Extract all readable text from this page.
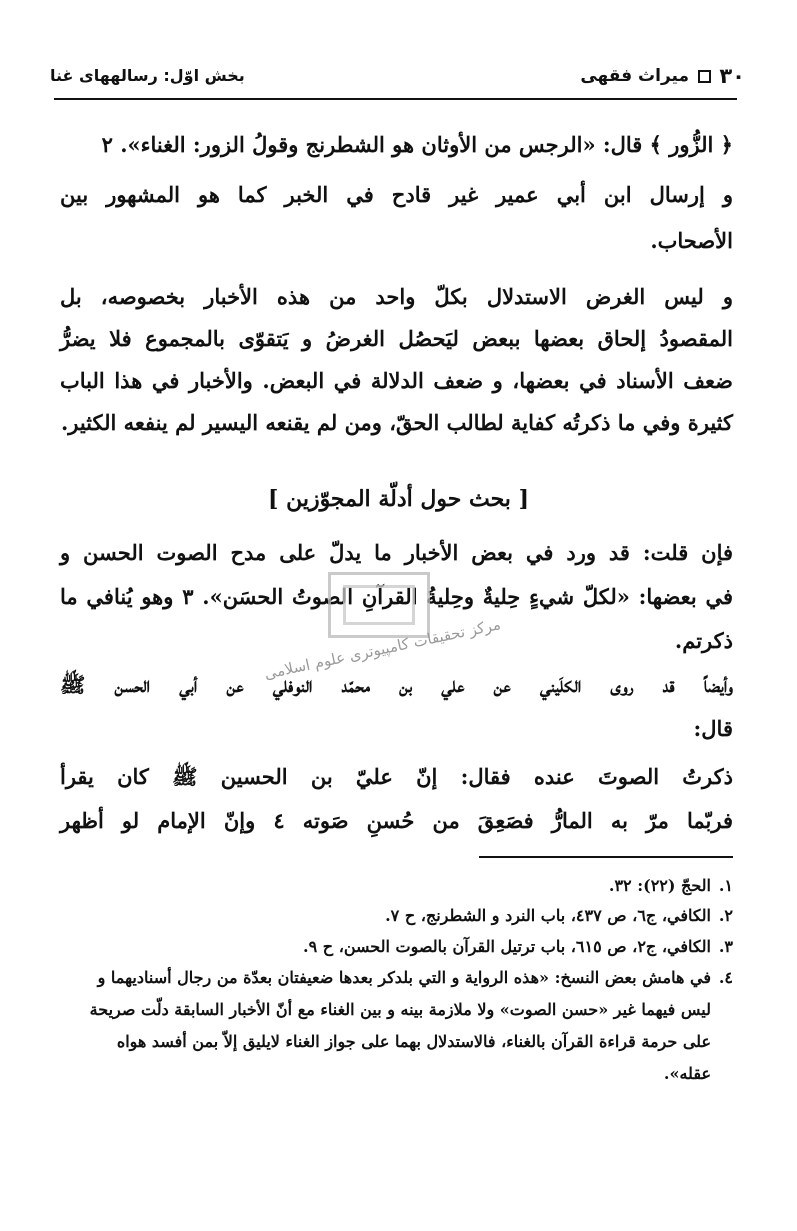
٣٠
میراث فقهی
بخش اوّل: رسالههای غنا
﴿ الزُّور ﴾ قال: «الرجس من الأوثان هو الشطرنج وقولُ الزور: الغناء». ٢
و إرسال ابن أبي عمير غير قادح في الخبر كما هو المشهور بين
الأصحاب.
و ليس الغرض الاستدلال بكلّ واحد من هذه الأخبار بخصوصه، بل
المقصودُ إلحاق بعضها ببعض ليَحصُل الغرضُ و يَتقوّى بالمجموع فلا يضرُّ
ضعف الأسناد في بعضها، و ضعف الدلالة في البعض. والأخبار في هذا الباب
كثيرة وفي ما ذكرتُه كفاية لطالب الحقّ، ومن لم يقنعه اليسير لم ينفعه الكثير.
[ بحث حول أدلّة المجوّزين ]
فإن قلت: قد ورد في بعض الأخبار ما يدلّ على مدح الصوت الحسن و
في بعضها: «لكلّ شيءٍ حِليةٌ وحِليةُ القرآنِ الصوتُ الحسَن». ٣ وهو يُنافي ما
ذكرتم.
وأيضاً قد روى الكلَيني عن علي بن محمّد النوفلي عن أبي الحسن ﷺ
قال:
ذكرتُ الصوتَ عنده فقال: إنّ عليّ بن الحسين ﷺ كان يقرأ
فربّما مرّ به المارُّ فصَعِقَ من حُسنِ صَوته ٤ وإنّ الإمام لو أظهر
مركز تحقيقات كامپيوتری علوم اسلامی
١.الحجّ (٢٢): ٣٢.
٢.الكافي، ج٦، ص ٤٣٧، باب النرد و الشطرنج، ح ٧.
٣.الكافي، ج٢، ص ٦١٥، باب ترتيل القرآن بالصوت الحسن، ح ٩.
٤.في هامش بعض النسخ: «هذه الرواية و التي بلدكر بعدها ضعيفتان بعدّة من رجال أسناديهما و
ليس فيهما غير «حسن الصوت» ولا ملازمة بينه و بين الغناء مع أنّ الأخبار السابقة دلّت صريحة
على حرمة قراءة القرآن بالغناء، فالاستدلال بهما على جواز الغناء لايليق إلاّ بمن أفسد هواه
عقله».
